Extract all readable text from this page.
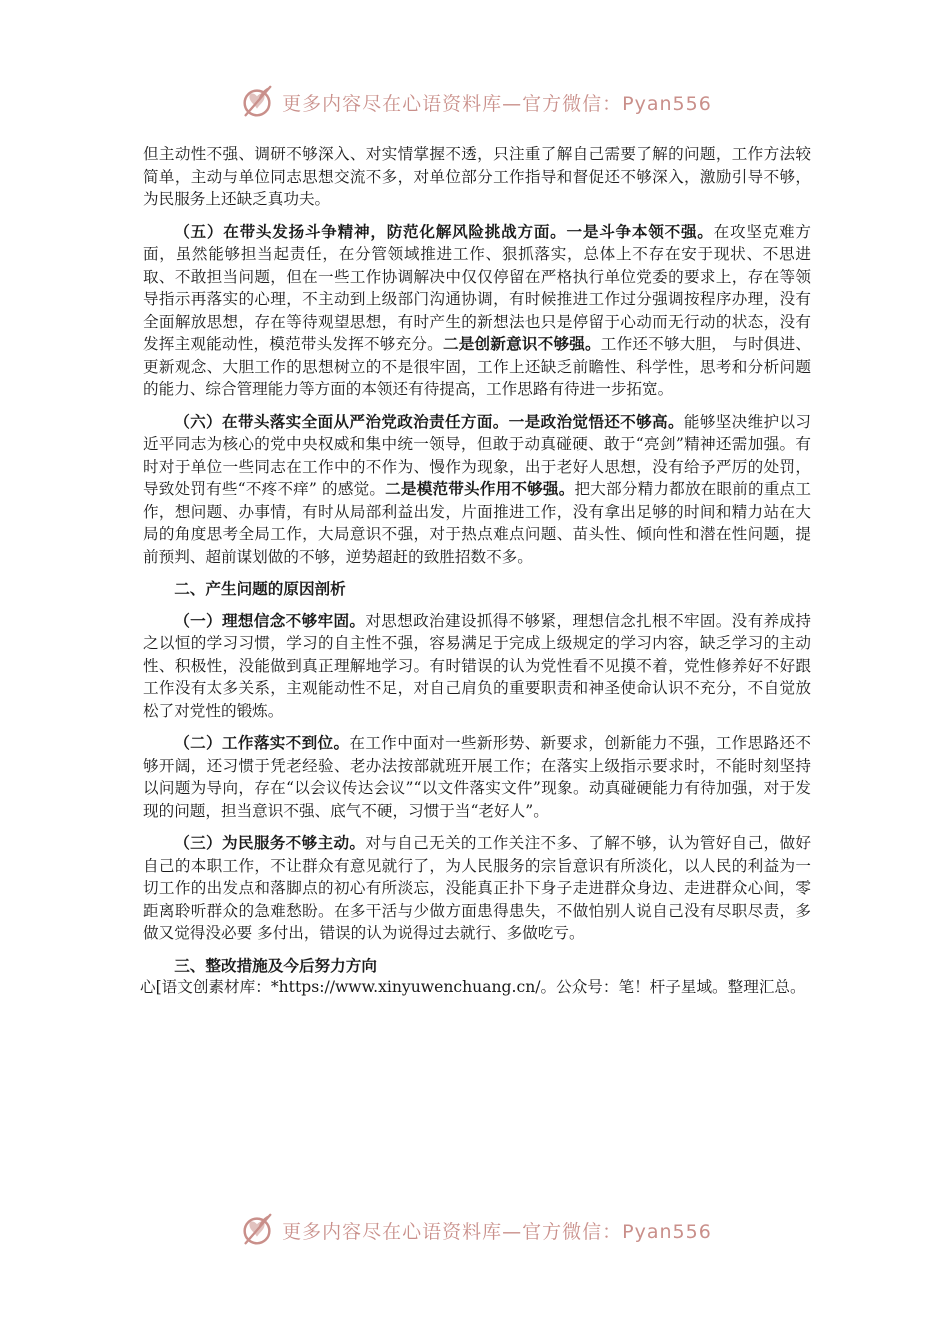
更多内容尽在心语资料库—官方微信：Pyan556

但主动性不强、调研不够深入、对实情掌握不透，只注重了解自己需要了解的问题，工作方法较简单，主动与单位同志思想交流不多，对单位部分工作指导和督促还不够深入，激励引导不够，为民服务上还缺乏真功夫。

（五）在带头发扬斗争精神，防范化解风险挑战方面。一是斗争本领不强。在攻坚克难方面，虽然能够担当起责任，在分管领域推进工作、狠抓落实，总体上不存在安于现状、不思进取、不敢担当问题，但在一些工作协调解决中仅仅停留在严格执行单位党委的要求上，存在等领导指示再落实的心理，不主动到上级部门沟通协调，有时候推进工作过分强调按程序办理，没有全面解放思想，存在等待观望思想，有时产生的新想法也只是停留于心动而无行动的状态，没有发挥主观能动性，模范带头发挥不够充分。二是创新意识不够强。工作还不够大胆， 与时俱进、更新观念、大胆工作的思想树立的不是很牢固，工作上还缺乏前瞻性、科学性，思考和分析问题的能力、综合管理能力等方面的本领还有待提高，工作思路有待进一步拓宽。

（六）在带头落实全面从严治党政治责任方面。一是政治觉悟还不够高。能够坚决维护以习近平同志为核心的党中央权威和集中统一领导，但敢于动真碰硬、敢于“亮剑”精神还需加强。有时对于单位一些同志在工作中的不作为、慢作为现象，出于老好人思想，没有给予严厉的处罚，导致处罚有些“不疼不痒” 的感觉。二是模范带头作用不够强。把大部分精力都放在眼前的重点工作，想问题、办事情，有时从局部利益出发，片面推进工作，没有拿出足够的时间和精力站在大局的角度思考全局工作，大局意识不强，对于热点难点问题、苗头性、倾向性和潜在性问题，提前预判、超前谋划做的不够，逆势超赶的致胜招数不多。

二、产生问题的原因剖析

（一）理想信念不够牢固。对思想政治建设抓得不够紧，理想信念扎根不牢固。没有养成持之以恒的学习习惯，学习的自主性不强，容易满足于完成上级规定的学习内容，缺乏学习的主动性、积极性，没能做到真正理解地学习。有时错误的认为党性看不见摸不着，党性修养好不好跟工作没有太多关系，主观能动性不足，对自己肩负的重要职责和神圣使命认识不充分，不自觉放松了对党性的锻炼。

（二）工作落实不到位。在工作中面对一些新形势、新要求，创新能力不强，工作思路还不够开阔，还习惯于凭老经验、老办法按部就班开展工作；在落实上级指示要求时，不能时刻坚持以问题为导向，存在“以会议传达会议”“以文件落实文件”现象。动真碰硬能力有待加强，对于发现的问题，担当意识不强、底气不硬，习惯于当“老好人”。

（三）为民服务不够主动。对与自己无关的工作关注不多、了解不够，认为管好自己，做好自己的本职工作，不让群众有意见就行了，为人民服务的宗旨意识有所淡化，以人民的利益为一切工作的出发点和落脚点的初心有所淡忘，没能真正扑下身子走进群众身边、走进群众心间，零距离聆听群众的急难愁盼。在多干活与少做方面患得患失，不做怕别人说自己没有尽职尽责，多做又觉得没必要 多付出，错误的认为说得过去就行、多做吃亏。

三、整改措施及今后努力方向

心[语文创素材库：*https://www.xinyuwenchuang.cn/。公众号：笔！杆子星域。整理汇总。

更多内容尽在心语资料库—官方微信：Pyan556
